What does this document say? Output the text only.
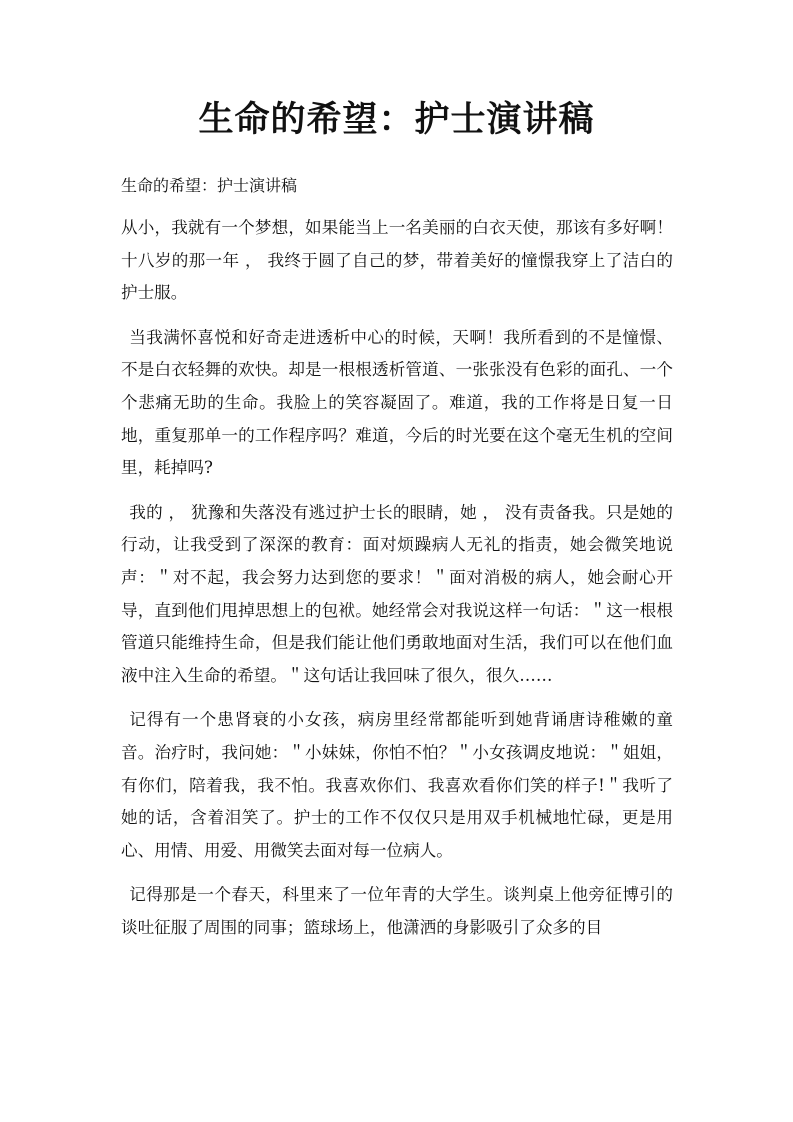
生命的希望：护士演讲稿

生命的希望：护士演讲稿

从小，我就有一个梦想，如果能当上一名美丽的白衣天使，那该有多好啊！十八岁的那一年 ， 我终于圆了自己的梦，带着美好的憧憬我穿上了洁白的护士服。

当我满怀喜悦和好奇走进透析中心的时候，天啊！我所看到的不是憧憬、不是白衣轻舞的欢快。却是一根根透析管道、一张张没有色彩的面孔、一个个悲痛无助的生命。我脸上的笑容凝固了。难道，我的工作将是日复一日地，重复那单一的工作程序吗？难道，今后的时光要在这个毫无生机的空间里，耗掉吗?

我的 ， 犹豫和失落没有逃过护士长的眼睛，她 ， 没有责备我。只是她的行动，让我受到了深深的教育：面对烦躁病人无礼的指责，她会微笑地说声：＂对不起，我会努力达到您的要求！＂面对消极的病人，她会耐心开导，直到他们甩掉思想上的包袱。她经常会对我说这样一句话：＂这一根根管道只能维持生命，但是我们能让他们勇敢地面对生活，我们可以在他们血液中注入生命的希望。＂这句话让我回味了很久，很久……

记得有一个患肾衰的小女孩，病房里经常都能听到她背诵唐诗稚嫩的童音。治疗时，我问她：＂小妹妹，你怕不怕？＂小女孩调皮地说：＂姐姐，有你们，陪着我，我不怕。我喜欢你们、我喜欢看你们笑的样子!＂我听了她的话，含着泪笑了。护士的工作不仅仅只是用双手机械地忙碌，更是用心、用情、用爱、用微笑去面对每一位病人。

记得那是一个春天，科里来了一位年青的大学生。谈判桌上他旁征博引的谈吐征服了周围的同事；篮球场上，他潇洒的身影吸引了众多的目
